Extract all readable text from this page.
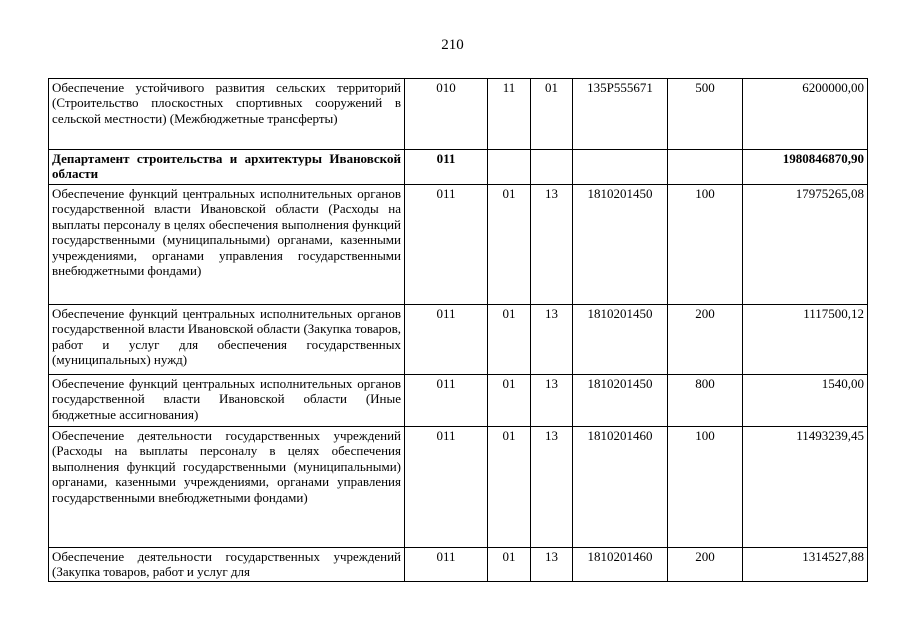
210
Обеспечение устойчивого развития сельских территорий (Строительство плоскостных спортивных сооружений в сельской местности) (Межбюджетные трансферты)	010	11	01	135P555671	500	6200000,00
Департамент строительства и архитектуры Ивановской области	011					1980846870,90
Обеспечение функций центральных исполнительных органов государственной власти Ивановской области (Расходы на выплаты персоналу в целях обеспечения выполнения функций государственными (муниципальными) органами, казенными учреждениями, органами управления государственными внебюджетными фондами)	011	01	13	1810201450	100	17975265,08
Обеспечение функций центральных исполнительных органов государственной власти Ивановской области (Закупка товаров, работ и услуг для обеспечения государственных (муниципальных) нужд)	011	01	13	1810201450	200	1117500,12
Обеспечение функций центральных исполнительных органов государственной власти Ивановской области (Иные бюджетные ассигнования)	011	01	13	1810201450	800	1540,00
Обеспечение деятельности государственных учреждений (Расходы на выплаты персоналу в целях обеспечения выполнения функций государственными (муниципальными) органами, казенными учреждениями, органами управления государственными внебюджетными фондами)	011	01	13	1810201460	100	11493239,45
Обеспечение деятельности государственных учреждений (Закупка товаров, работ и услуг для	011	01	13	1810201460	200	1314527,88
